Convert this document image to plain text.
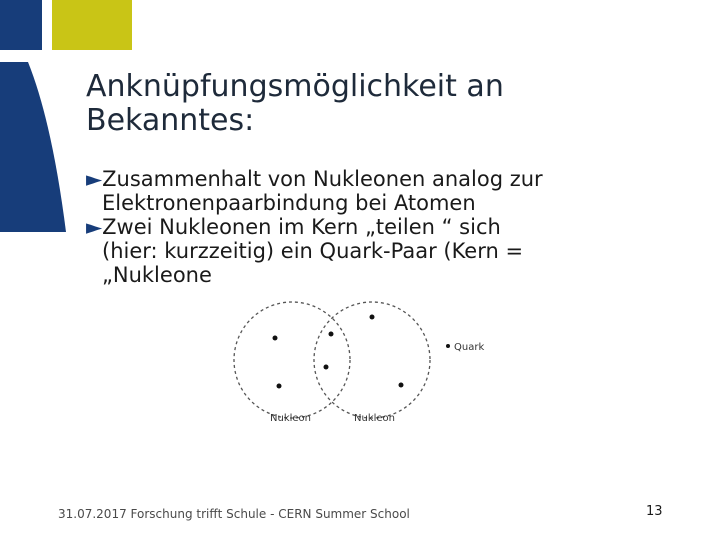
Anknüpfungsmöglichkeit an
Bekanntes:
►Zusammenhalt von Nukleonen analog zur
Elektronenpaarbindung bei Atomen
►Zwei Nukleonen im Kern „teilen “ sich
(hier: kurzzeitig) ein Quark-Paar (Kern =
„Nukleone
Quark
Nukleon	Nukleon
31.07.2017 Forschung trifft Schule - CERN Summer School	13
